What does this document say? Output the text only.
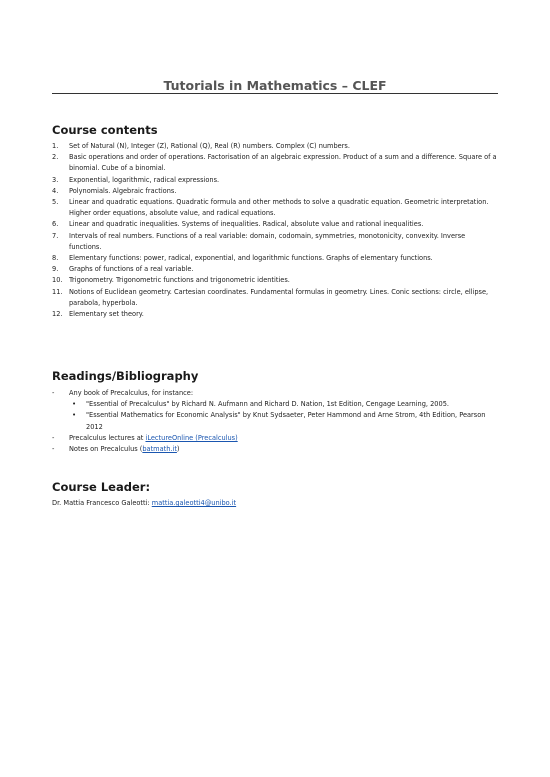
Tutorials in Mathematics – CLEF
Course contents
1. Set of Natural (N), Integer (Z), Rational (Q), Real (R) numbers. Complex (C) numbers.
2. Basic operations and order of operations. Factorisation of an algebraic expression. Product of a sum and a difference. Square of a binomial. Cube of a binomial.
3. Exponential, logarithmic, radical expressions.
4. Polynomials. Algebraic fractions.
5. Linear and quadratic equations. Quadratic formula and other methods to solve a quadratic equation. Geometric interpretation. Higher order equations, absolute value, and radical equations.
6. Linear and quadratic inequalities. Systems of inequalities. Radical, absolute value and rational inequalities.
7. Intervals of real numbers. Functions of a real variable: domain, codomain, symmetries, monotonicity, convexity. Inverse functions.
8. Elementary functions: power, radical, exponential, and logarithmic functions. Graphs of elementary functions.
9. Graphs of functions of a real variable.
10. Trigonometry. Trigonometric functions and trigonometric identities.
11. Notions of Euclidean geometry. Cartesian coordinates. Fundamental formulas in geometry. Lines. Conic sections: circle, ellipse, parabola, hyperbola.
12. Elementary set theory.
Readings/Bibliography
- Any book of Precalculus, for instance:
• "Essential of Precalculus" by Richard N. Aufmann and Richard D. Nation, 1st Edition, Cengage Learning, 2005.
• "Essential Mathematics for Economic Analysis" by Knut Sydsaeter, Peter Hammond and Arne Strom, 4th Edition, Pearson 2012
- Precalculus lectures at iLectureOnline (Precalculus)
- Notes on Precalculus (batmath.it)
Course Leader:
Dr. Mattia Francesco Galeotti: mattia.galeotti4@unibo.it
